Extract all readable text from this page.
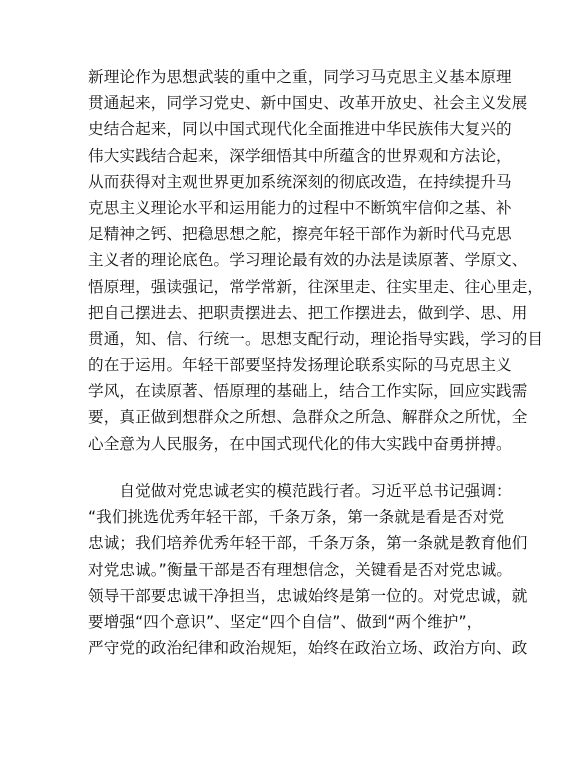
新理论作为思想武装的重中之重，同学习马克思主义基本原理
贯通起来，同学习党史、新中国史、改革开放史、社会主义发展
史结合起来，同以中国式现代化全面推进中华民族伟大复兴的
伟大实践结合起来，深学细悟其中所蕴含的世界观和方法论，
从而获得对主观世界更加系统深刻的彻底改造，在持续提升马
克思主义理论水平和运用能力的过程中不断筑牢信仰之基、补
足精神之钙、把稳思想之舵，擦亮年轻干部作为新时代马克思
主义者的理论底色。学习理论最有效的办法是读原著、学原文、
悟原理，强读强记，常学常新，往深里走、往实里走、往心里走，
把自己摆进去、把职责摆进去、把工作摆进去，做到学、思、用
贯通，知、信、行统一。思想支配行动，理论指导实践，学习的目
的在于运用。年轻干部要坚持发扬理论联系实际的马克思主义
学风，在读原著、悟原理的基础上，结合工作实际，回应实践需
要，真正做到想群众之所想、急群众之所急、解群众之所忧，全
心全意为人民服务，在中国式现代化的伟大实践中奋勇拼搏。
　　自觉做对党忠诚老实的模范践行者。习近平总书记强调：
“我们挑选优秀年轻干部，千条万条，第一条就是看是否对党
忠诚；我们培养优秀年轻干部，千条万条，第一条就是教育他们
对党忠诚。”衡量干部是否有理想信念，关键看是否对党忠诚。
领导干部要忠诚干净担当，忠诚始终是第一位的。对党忠诚，就
要增强“四个意识”、坚定“四个自信”、做到“两个维护”，
严守党的政治纪律和政治规矩，始终在政治立场、政治方向、政
